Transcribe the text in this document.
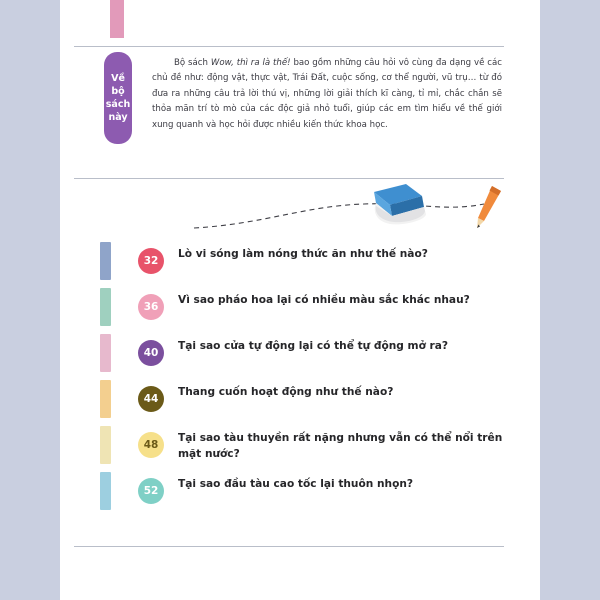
Về
bộ
sách
này
Bộ sách Wow, thì ra là thế! bao gồm những câu hỏi vô cùng đa dạng về các chủ đề như: động vật, thực vật, Trái Đất, cuộc sống, cơ thể người, vũ trụ… từ đó đưa ra những câu trả lời thú vị, những lời giải thích kĩ càng, tỉ mỉ, chắc chắn sẽ thỏa mãn trí tò mò của các độc giả nhỏ tuổi, giúp các em tìm hiểu về thế giới xung quanh và học hỏi được nhiều kiến thức khoa học.
32
Lò vi sóng làm nóng thức ăn như thế nào?
36
Vì sao pháo hoa lại có nhiều màu sắc khác nhau?
40
Tại sao cửa tự động lại có thể tự động mở ra?
44
Thang cuốn hoạt động như thế nào?
48
Tại sao tàu thuyền rất nặng nhưng vẫn có thể nổi trên mặt nước?
52
Tại sao đầu tàu cao tốc lại thuôn nhọn?
